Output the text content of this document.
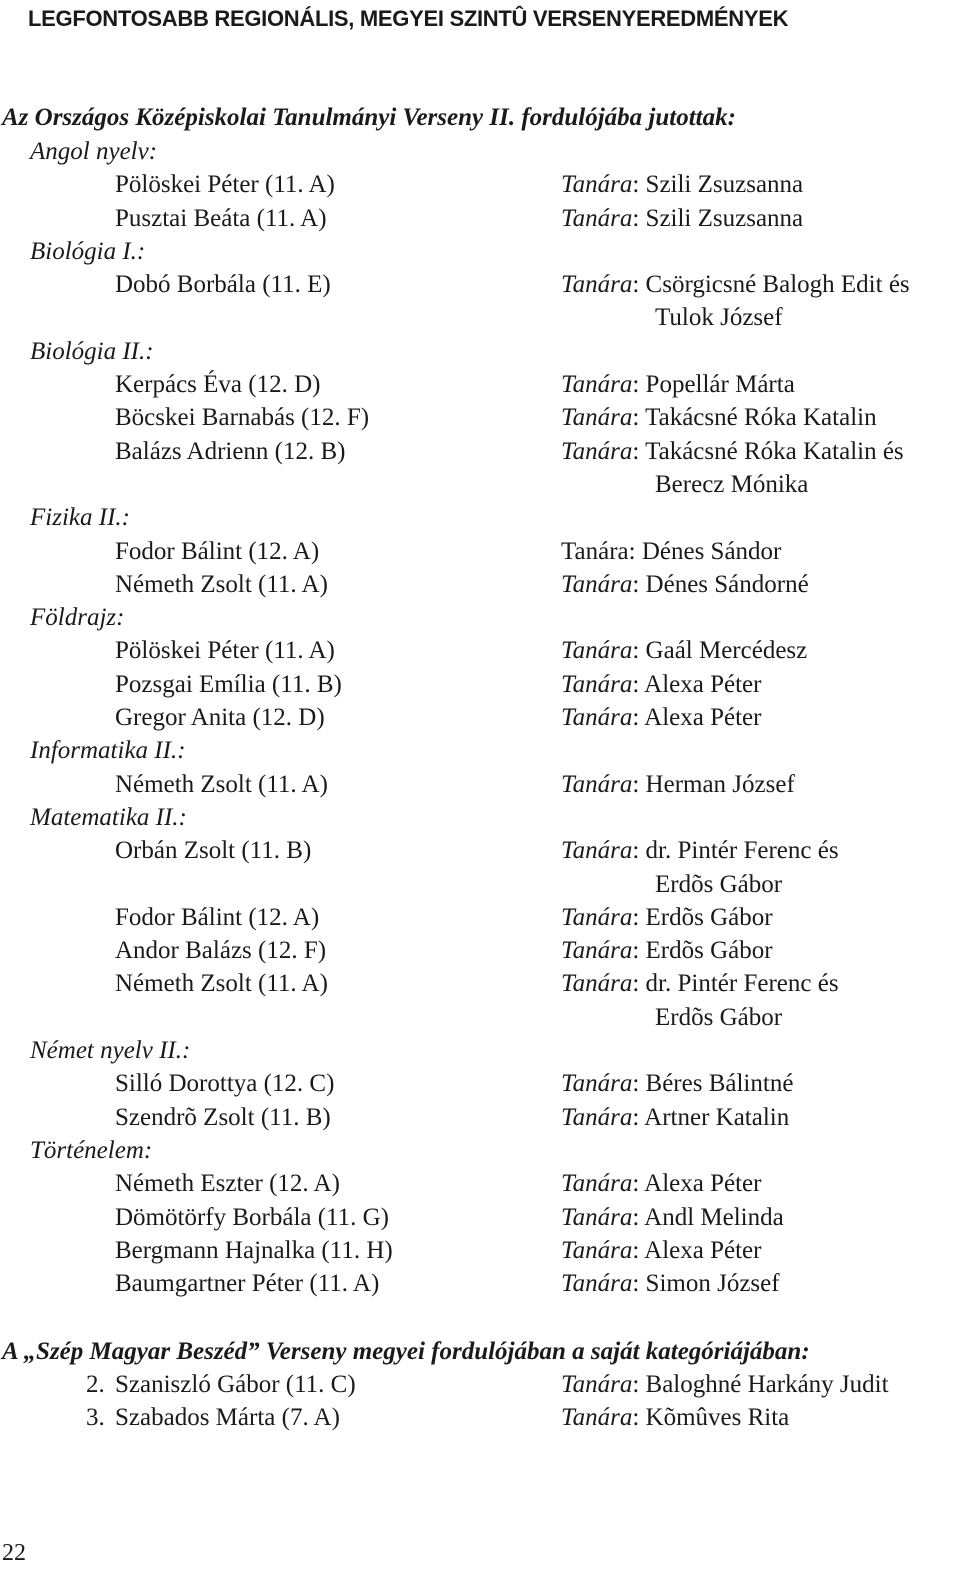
LEGFONTOSABB REGIONÁLIS, MEGYEI SZINTÛ VERSENYEREDMÉNYEK
Az Országos Középiskolai Tanulmányi Verseny II. fordulójába jutottak:
Angol nyelv:
Pölöskei Péter (11. A)	Tanára: Szili Zsuzsanna
Pusztai Beáta (11. A)	Tanára: Szili Zsuzsanna
Biológia I.:
Dobó Borbála (11. E)	Tanára: Csörgicsné Balogh Edit és
Tulok József
Biológia II.:
Kerpács Éva (12. D)	Tanára: Popellár Márta
Böcskei Barnabás (12. F)	Tanára: Takácsné Róka Katalin
Balázs Adrienn (12. B)	Tanára: Takácsné Róka Katalin és
Berecz Mónika
Fizika II.:
Fodor Bálint (12. A)	Tanára: Dénes Sándor
Németh Zsolt (11. A)	Tanára: Dénes Sándorné
Földrajz:
Pölöskei Péter (11. A)	Tanára: Gaál Mercédesz
Pozsgai Emília (11. B)	Tanára: Alexa Péter
Gregor Anita (12. D)	Tanára: Alexa Péter
Informatika II.:
Németh Zsolt (11. A)	Tanára: Herman József
Matematika II.:
Orbán Zsolt (11. B)	Tanára: dr. Pintér Ferenc és
Erdõs Gábor
Fodor Bálint (12. A)	Tanára: Erdõs Gábor
Andor Balázs (12. F)	Tanára: Erdõs Gábor
Németh Zsolt (11. A)	Tanára: dr. Pintér Ferenc és
Erdõs Gábor
Német nyelv II.:
Silló Dorottya (12. C)	Tanára: Béres Bálintné
Szendrõ Zsolt (11. B)	Tanára: Artner Katalin
Történelem:
Németh Eszter (12. A)	Tanára: Alexa Péter
Dömötörfy Borbála (11. G)	Tanára: Andl Melinda
Bergmann Hajnalka (11. H)	Tanára: Alexa Péter
Baumgartner Péter (11. A)	Tanára: Simon József
A „Szép Magyar Beszéd” Verseny megyei fordulójában a saját kategóriájában:
2. Szaniszló Gábor (11. C)	Tanára: Baloghné Harkány Judit
3. Szabados Márta (7. A)	Tanára: Kõmûves Rita
22
